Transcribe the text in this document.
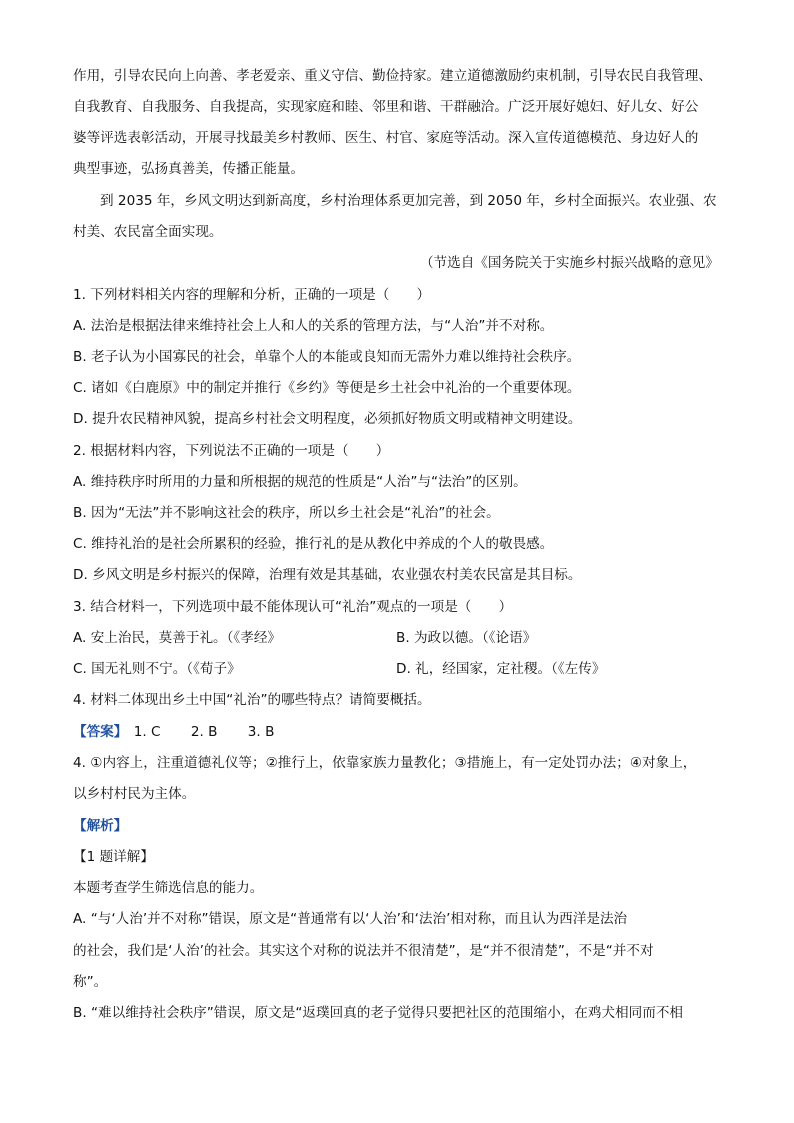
作用，引导农民向上向善、孝老爱亲、重义守信、勤俭持家。建立道德激励约束机制，引导农民自我管理、
自我教育、自我服务、自我提高，实现家庭和睦、邻里和谐、干群融洽。广泛开展好媳妇、好儿女、好公
婆等评选表彰活动，开展寻找最美乡村教师、医生、村官、家庭等活动。深入宣传道德模范、身边好人的
典型事迹，弘扬真善美，传播正能量。
到 2035 年，乡风文明达到新高度，乡村治理体系更加完善，到 2050 年，乡村全面振兴。农业强、农
村美、农民富全面实现。
（节选自《国务院关于实施乡村振兴战略的意见》
1. 下列材料相关内容的理解和分析，正确的一项是（　　）
A. 法治是根据法律来维持社会上人和人的关系的管理方法，与“人治”并不对称。
B. 老子认为小国寡民的社会，单靠个人的本能或良知而无需外力难以维持社会秩序。
C. 诸如《白鹿原》中的制定并推行《乡约》等便是乡土社会中礼治的一个重要体现。
D. 提升农民精神风貌，提高乡村社会文明程度，必须抓好物质文明或精神文明建设。
2. 根据材料内容，下列说法不正确的一项是（　　）
A. 维持秩序时所用的力量和所根据的规范的性质是“人治”与“法治”的区别。
B. 因为“无法”并不影响这社会的秩序，所以乡土社会是“礼治”的社会。
C. 维持礼治的是社会所累积的经验，推行礼的是从教化中养成的个人的敬畏感。
D. 乡风文明是乡村振兴的保障，治理有效是其基础，农业强农村美农民富是其目标。
3. 结合材料一，下列选项中最不能体现认可“礼治”观点的一项是（　　）
A. 安上治民，莫善于礼。（《孝经》	B. 为政以德。（《论语》
C. 国无礼则不宁。（《荀子》	D. 礼，经国家，定社稷。（《左传》
4. 材料二体现出乡土中国“礼治”的哪些特点？请简要概括。
【答案】 1. C 2. B 3. B
4. ①内容上，注重道德礼仪等；②推行上，依靠家族力量教化；③措施上，有一定处罚办法；④对象上，
以乡村村民为主体。
【解析】
【1 题详解】
本题考查学生筛选信息的能力。
A. “与‘人治’并不对称”错误，原文是“普通常有以‘人治’和‘法治’相对称，而且认为西洋是法治
的社会，我们是‘人治’的社会。其实这个对称的说法并不很清楚”，是“并不很清楚”，不是“并不对
称”。
B. “难以维持社会秩序”错误，原文是“返璞回真的老子觉得只要把社区的范围缩小，在鸡犬相同而不相
